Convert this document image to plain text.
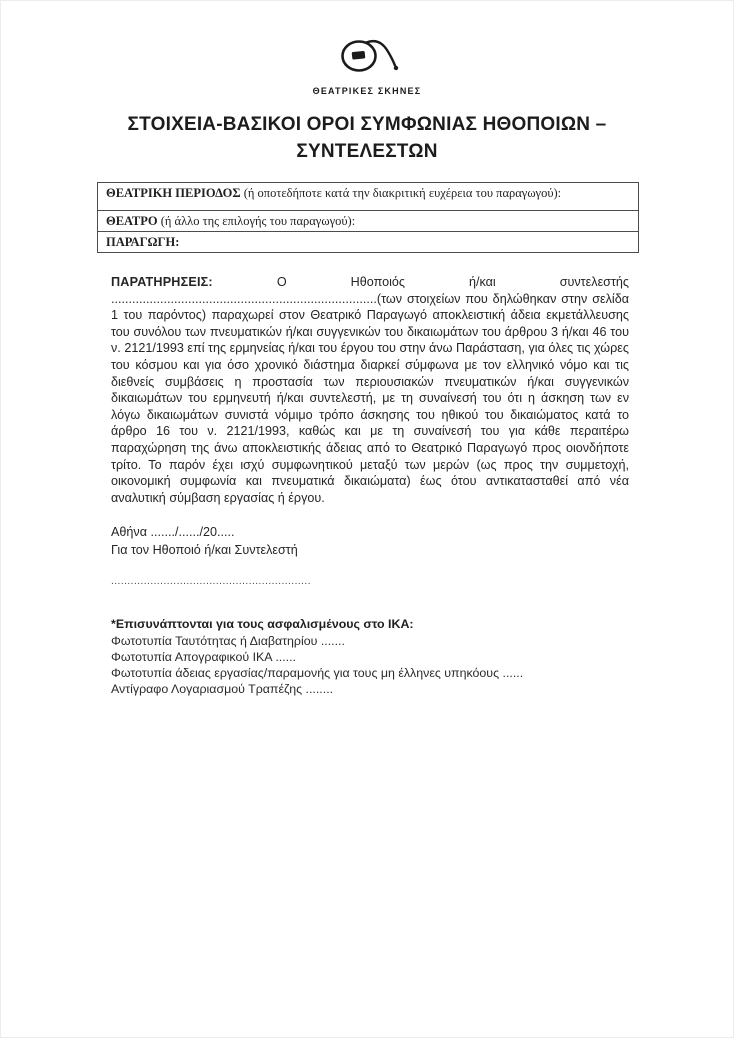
ΘΕΑΤΡΙΚΕΣ ΣΚΗΝΕΣ
ΣΤΟΙΧΕΙΑ-ΒΑΣΙΚΟΙ ΟΡΟΙ ΣΥΜΦΩΝΙΑΣ ΗΘΟΠΟΙΩΝ –
ΣΥΝΤΕΛΕΣΤΩΝ
ΘΕΑΤΡΙΚΗ ΠΕΡΙΟΔΟΣ (ή οποτεδήποτε κατά την διακριτική ευχέρεια του παραγωγού):
ΘΕΑΤΡΟ (ή άλλο της επιλογής του παραγωγού):
ΠΑΡΑΓΩΓΗ:

ΠΑΡΑΤΗΡΗΣΕΙΣ:	Ο Ηθοποιός ή/και συντελεστής ............................................................................(των στοιχείων που δηλώθηκαν στην σελίδα 1 του παρόντος) παραχωρεί στον Θεατρικό Παραγωγό αποκλειστική άδεια εκμετάλλευσης του συνόλου των πνευματικών ή/και συγγενικών του δικαιωμάτων του άρθρου 3 ή/και 46 του ν. 2121/1993 επί της ερμηνείας ή/και του έργου του στην άνω Παράσταση, για όλες τις χώρες του κόσμου και για όσο χρονικό διάστημα διαρκεί σύμφωνα με τον ελληνικό νόμο και τις διεθνείς συμβάσεις η προστασία των περιουσιακών πνευματικών ή/και συγγενικών δικαιωμάτων του ερμηνευτή ή/και συντελεστή, με τη συναίνεσή του ότι η άσκηση των εν λόγω δικαιωμάτων συνιστά νόμιμο τρόπο άσκησης του ηθικού του δικαιώματος κατά το άρθρο 16 του ν. 2121/1993, καθώς και με τη συναίνεσή του για κάθε περαιτέρω παραχώρηση της άνω αποκλειστικής άδειας από το Θεατρικό Παραγωγό προς οιονδήποτε τρίτο. Το παρόν έχει ισχύ συμφωνητικού μεταξύ των μερών (ως προς την συμμετοχή, οικονομική συμφωνία και πνευματικά δικαιώματα) έως ότου αντικατασταθεί από νέα αναλυτική σύμβαση εργασίας ή έργου.

Αθήνα ......./....../20.....
Για τον Ηθοποιό ή/και Συντελεστή
.............................................................
*Επισυνάπτονται για τους ασφαλισμένους στο ΙΚΑ:
Φωτοτυπία Ταυτότητας ή Διαβατηρίου .......
Φωτοτυπία Απογραφικού ΙΚΑ ......
Φωτοτυπία άδειας εργασίας/παραμονής για τους μη έλληνες υπηκόους ......
Αντίγραφο Λογαριασμού Τραπέζης ........
